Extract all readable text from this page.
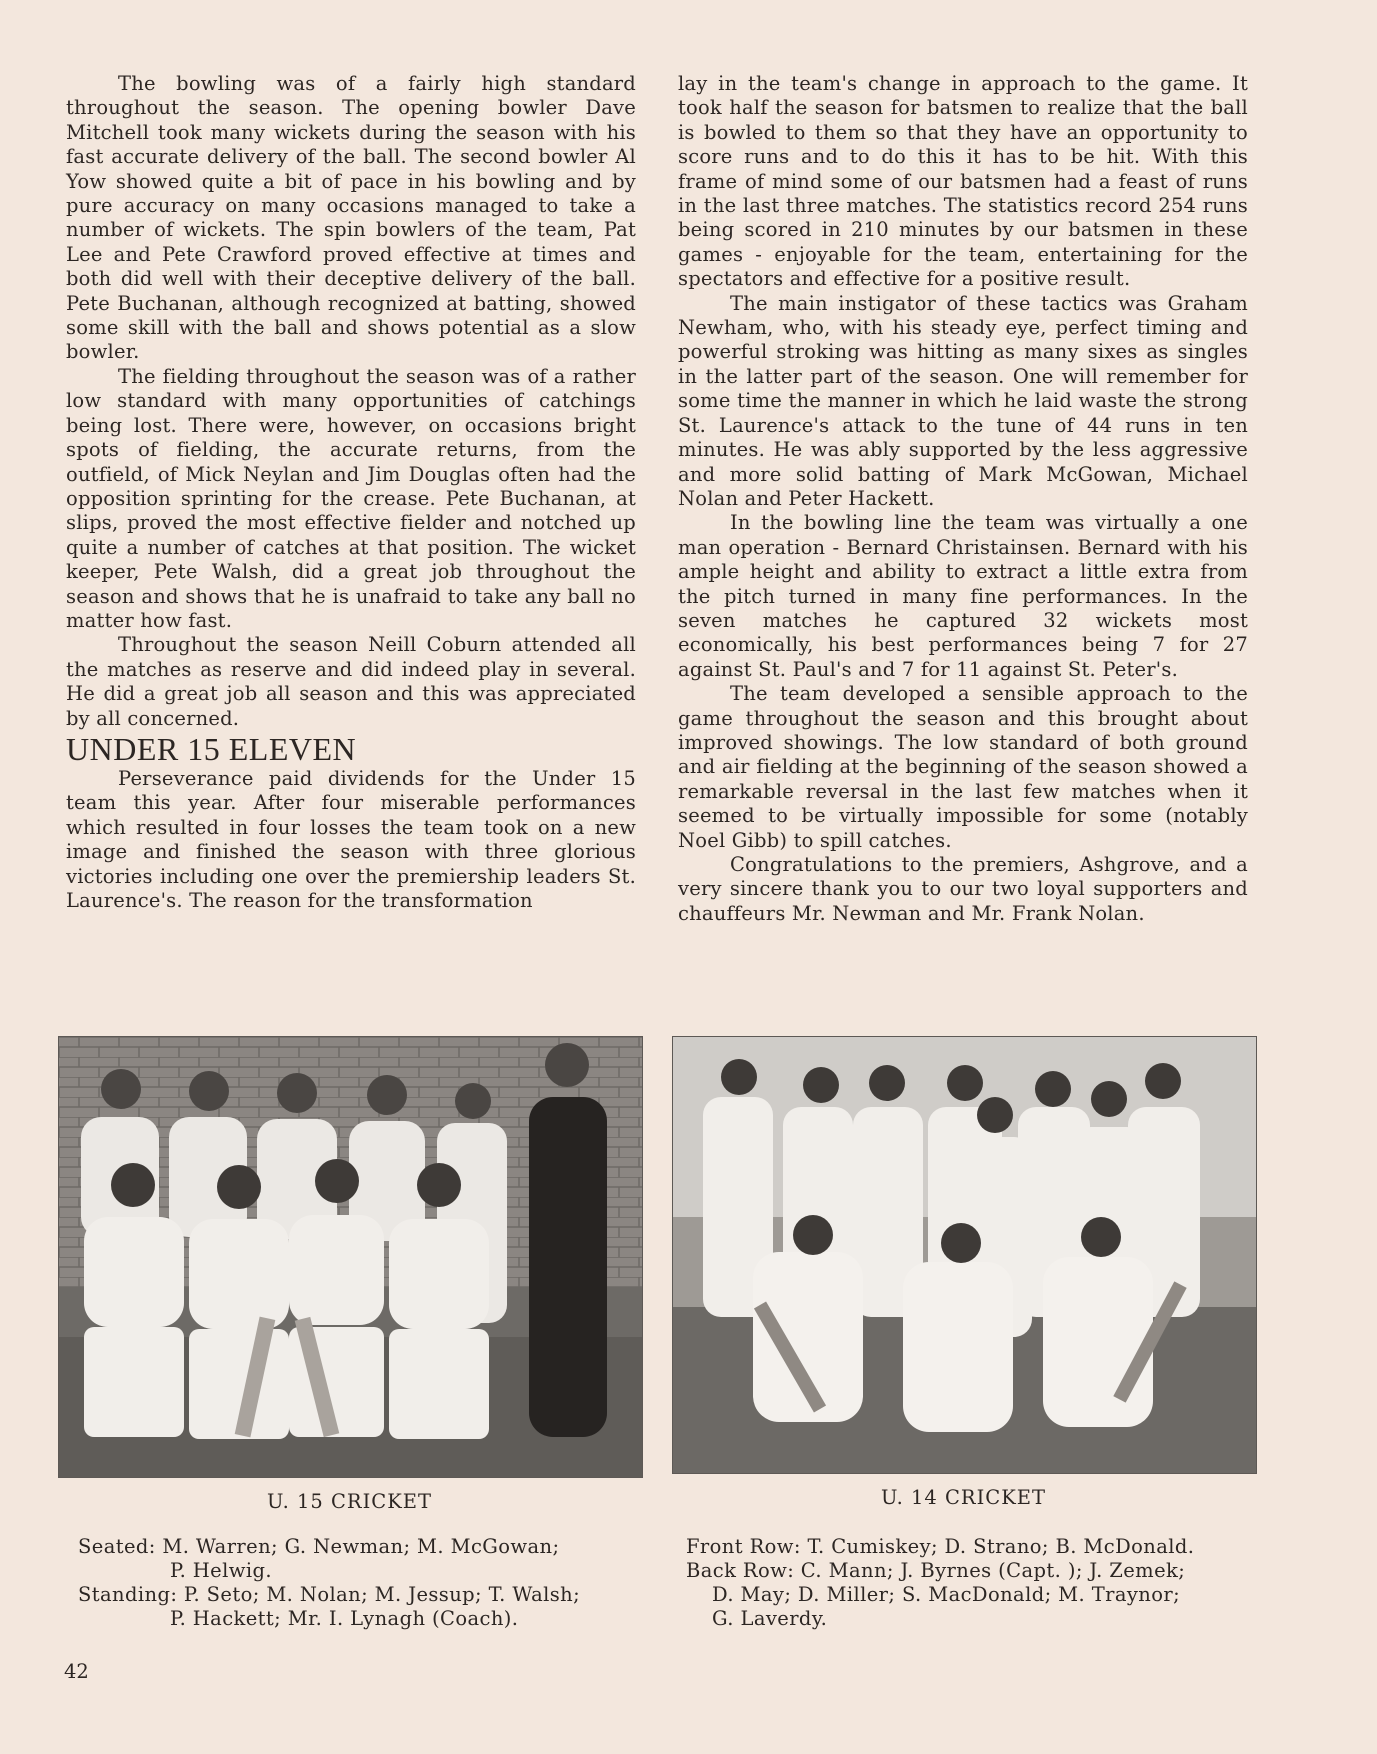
The bowling was of a fairly high standard throughout the season. The opening bowler Dave Mitchell took many wickets during the season with his fast accurate delivery of the ball. The second bowler Al Yow showed quite a bit of pace in his bowling and by pure accuracy on many occasions managed to take a number of wickets. The spin bowlers of the team, Pat Lee and Pete Crawford proved effective at times and both did well with their deceptive delivery of the ball. Pete Buchanan, although recognized at batting, showed some skill with the ball and shows potential as a slow bowler.

The fielding throughout the season was of a rather low standard with many opportunities of catchings being lost. There were, however, on occasions bright spots of fielding, the accurate returns, from the outfield, of Mick Neylan and Jim Douglas often had the opposition sprinting for the crease. Pete Buchanan, at slips, proved the most effective fielder and notched up quite a number of catches at that position. The wicket keeper, Pete Walsh, did a great job throughout the season and shows that he is unafraid to take any ball no matter how fast.

Throughout the season Neill Coburn attended all the matches as reserve and did indeed play in several. He did a great job all season and this was appreciated by all concerned.

UNDER 15 ELEVEN

Perseverance paid dividends for the Under 15 team this year. After four miserable performances which resulted in four losses the team took on a new image and finished the season with three glorious victories including one over the premiership leaders St. Laurence's. The reason for the transformation

lay in the team's change in approach to the game. It took half the season for batsmen to realize that the ball is bowled to them so that they have an opportunity to score runs and to do this it has to be hit. With this frame of mind some of our batsmen had a feast of runs in the last three matches. The statistics record 254 runs being scored in 210 minutes by our batsmen in these games - enjoyable for the team, entertaining for the spectators and effective for a positive result.

The main instigator of these tactics was Graham Newham, who, with his steady eye, perfect timing and powerful stroking was hitting as many sixes as singles in the latter part of the season. One will remember for some time the manner in which he laid waste the strong St. Laurence's attack to the tune of 44 runs in ten minutes. He was ably supported by the less aggressive and more solid batting of Mark McGowan, Michael Nolan and Peter Hackett.

In the bowling line the team was virtually a one man operation - Bernard Christainsen. Bernard with his ample height and ability to extract a little extra from the pitch turned in many fine performances. In the seven matches he captured 32 wickets most economically, his best performances being 7 for 27 against St. Paul's and 7 for 11 against St. Peter's.

The team developed a sensible approach to the game throughout the season and this brought about improved showings. The low standard of both ground and air fielding at the beginning of the season showed a remarkable reversal in the last few matches when it seemed to be virtually impossible for some (notably Noel Gibb) to spill catches.

Congratulations to the premiers, Ashgrove, and a very sincere thank you to our two loyal supporters and chauffeurs Mr. Newman and Mr. Frank Nolan.

U. 15 CRICKET
Seated: M. Warren; G. Newman; M. McGowan;
P. Helwig.
Standing: P. Seto; M. Nolan; M. Jessup; T. Walsh;
P. Hackett; Mr. I. Lynagh (Coach).
U. 14 CRICKET
Front Row: T. Cumiskey; D. Strano; B. McDonald.
Back Row: C. Mann; J. Byrnes (Capt. ); J. Zemek;
D. May; D. Miller; S. MacDonald; M. Traynor;
G. Laverdy.
42
